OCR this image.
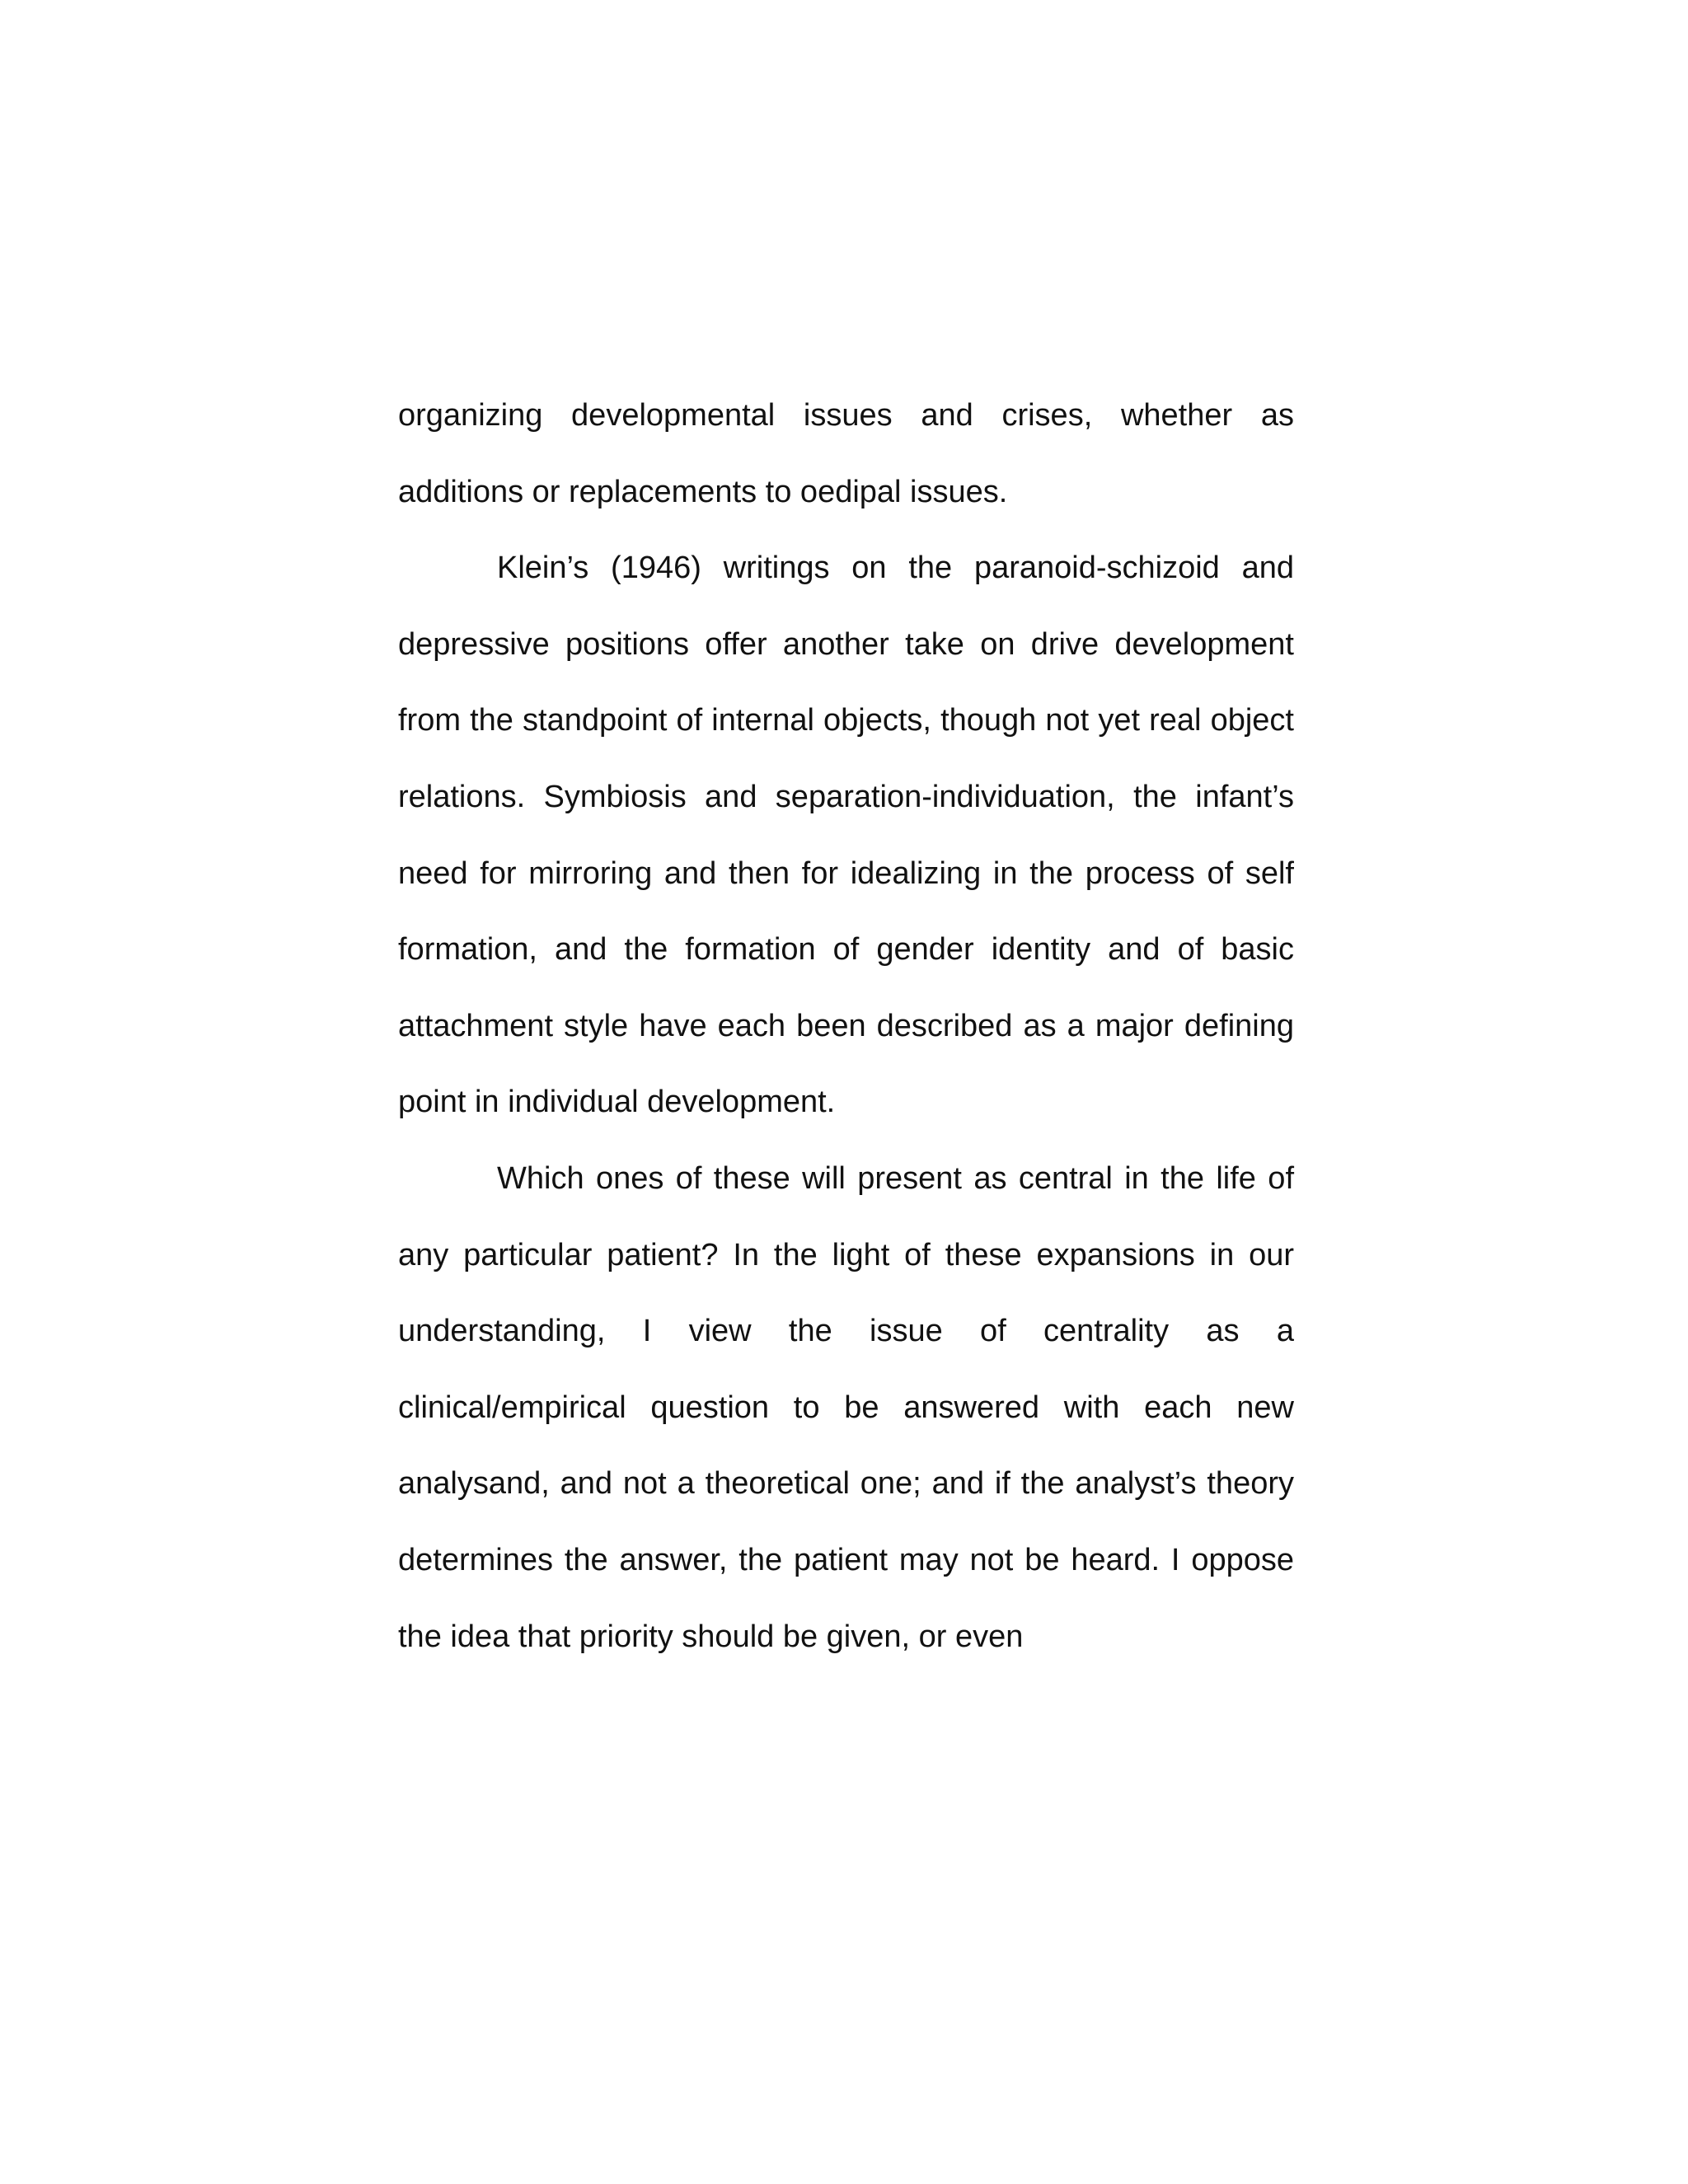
organizing developmental issues and crises, whether as additions or replacements to oedipal issues.

Klein’s (1946) writings on the paranoid-schizoid and depressive positions offer another take on drive development from the standpoint of internal objects, though not yet real object relations. Symbiosis and separation-individuation, the infant’s need for mirroring and then for idealizing in the process of self formation, and the formation of gender identity and of basic attachment style have each been described as a major defining point in individual development.

Which ones of these will present as central in the life of any particular patient? In the light of these expansions in our understanding, I view the issue of centrality as a clinical/empirical question to be answered with each new analysand, and not a theoretical one; and if the analyst’s theory determines the answer, the patient may not be heard. I oppose the idea that priority should be given, or even
